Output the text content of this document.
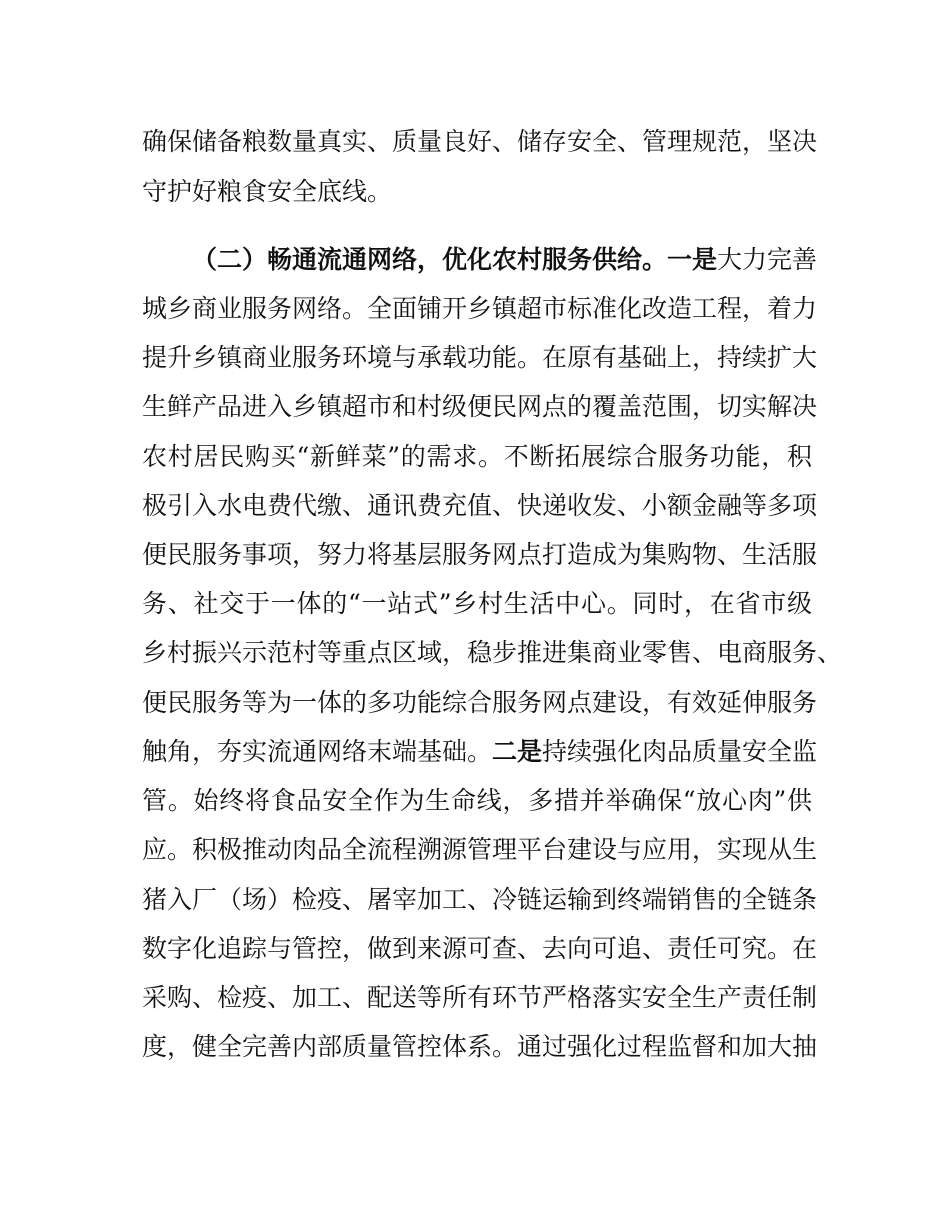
确保储备粮数量真实、质量良好、储存安全、管理规范，坚决
守护好粮食安全底线。
（二）畅通流通网络，优化农村服务供给。一是大力完善
城乡商业服务网络。全面铺开乡镇超市标准化改造工程，着力
提升乡镇商业服务环境与承载功能。在原有基础上，持续扩大
生鲜产品进入乡镇超市和村级便民网点的覆盖范围，切实解决
农村居民购买“新鲜菜”的需求。不断拓展综合服务功能，积
极引入水电费代缴、通讯费充值、快递收发、小额金融等多项
便民服务事项，努力将基层服务网点打造成为集购物、生活服
务、社交于一体的“一站式”乡村生活中心。同时，在省市级
乡村振兴示范村等重点区域，稳步推进集商业零售、电商服务、
便民服务等为一体的多功能综合服务网点建设，有效延伸服务
触角，夯实流通网络末端基础。二是持续强化肉品质量安全监
管。始终将食品安全作为生命线，多措并举确保“放心肉”供
应。积极推动肉品全流程溯源管理平台建设与应用，实现从生
猪入厂（场）检疫、屠宰加工、冷链运输到终端销售的全链条
数字化追踪与管控，做到来源可查、去向可追、责任可究。在
采购、检疫、加工、配送等所有环节严格落实安全生产责任制
度，健全完善内部质量管控体系。通过强化过程监督和加大抽
